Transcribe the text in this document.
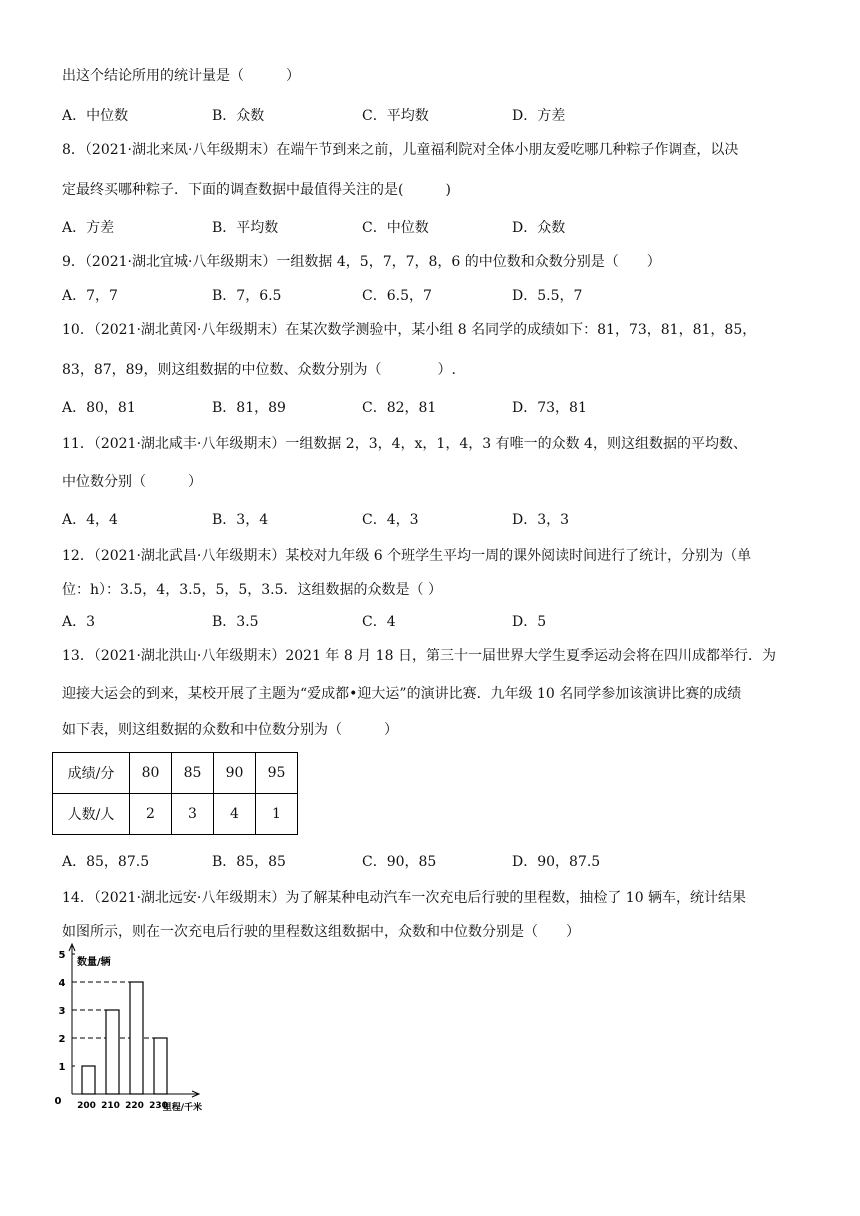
出这个结论所用的统计量是（　　　）
A．中位数	B．众数	C．平均数	D．方差
8．（2021·湖北来凤·八年级期末）在端午节到来之前，儿童福利院对全体小朋友爱吃哪几种粽子作调查，以决
定最终买哪种粽子．下面的调查数据中最值得关注的是(　　　)
A．方差	B．平均数	C．中位数	D．众数
9．（2021·湖北宜城·八年级期末）一组数据 4，5，7，7，8，6 的中位数和众数分别是（　　）
A．7，7	B．7，6.5	C．6.5，7	D．5.5，7
10．（2021·湖北黄冈·八年级期末）在某次数学测验中，某小组 8 名同学的成绩如下：81，73，81，81，85，
83，87，89，则这组数据的中位数、众数分别为（　　　　）.
A．80，81	B．81，89	C．82，81	D．73，81
11．（2021·湖北咸丰·八年级期末）一组数据 2，3，4，x，1，4，3 有唯一的众数 4，则这组数据的平均数、
中位数分别（　　　）
A．4，4	B．3，4	C．4，3	D．3，3
12．（2021·湖北武昌·八年级期末）某校对九年级 6 个班学生平均一周的课外阅读时间进行了统计，分别为（单
位：h）：3.5，4，3.5，5，5，3.5．这组数据的众数是（ ）
A．3	B．3.5	C．4	D．5
13．（2021·湖北洪山·八年级期末）2021 年 8 月 18 日，第三十一届世界大学生夏季运动会将在四川成都举行．为
迎接大运会的到来，某校开展了主题为“爱成都•迎大运”的演讲比赛．九年级 10 名同学参加该演讲比赛的成绩
如下表，则这组数据的众数和中位数分别为（　　　）
成绩/分	80	85	90	95
人数/人	2	3	4	1
A．85，87.5	B．85，85	C．90，85	D．90，87.5
14．（2021·湖北远安·八年级期末）为了解某种电动汽车一次充电后行驶的里程数，抽检了 10 辆车，统计结果
如图所示，则在一次充电后行驶的里程数这组数据中，众数和中位数分别是（　　）
0
1
2
3
4
5
200 210 220 230
数量/辆
里程/千米
